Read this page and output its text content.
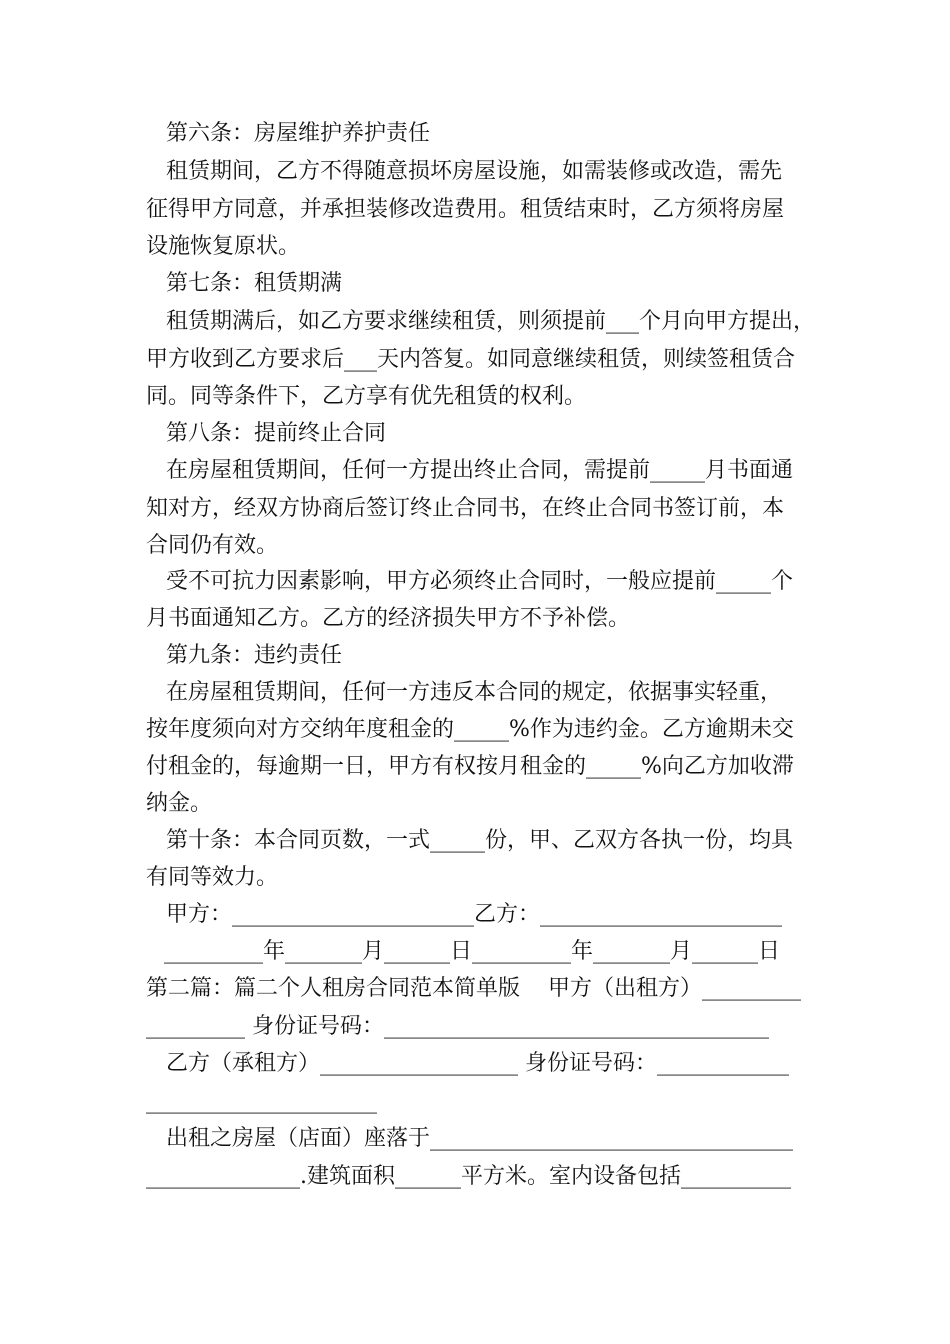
第六条：房屋维护养护责任
租赁期间，乙方不得随意损坏房屋设施，如需装修或改造，需先
征得甲方同意，并承担装修改造费用。租赁结束时，乙方须将房屋
设施恢复原状。
第七条：租赁期满
租赁期满后，如乙方要求继续租赁，则须提前___个月向甲方提出，
甲方收到乙方要求后___天内答复。如同意继续租赁，则续签租赁合
同。同等条件下，乙方享有优先租赁的权利。
第八条：提前终止合同
在房屋租赁期间，任何一方提出终止合同，需提前_____月书面通
知对方，经双方协商后签订终止合同书，在终止合同书签订前，本
合同仍有效。
受不可抗力因素影响，甲方必须终止合同时，一般应提前_____个
月书面通知乙方。乙方的经济损失甲方不予补偿。
第九条：违约责任
在房屋租赁期间，任何一方违反本合同的规定，依据事实轻重，
按年度须向对方交纳年度租金的_____%作为违约金。乙方逾期未交
付租金的，每逾期一日，甲方有权按月租金的_____%向乙方加收滞
纳金。
第十条：本合同页数，一式_____份，甲、乙双方各执一份，均具
有同等效力。
甲方：______________________乙方：______________________
_________年_______月______日_________年_______月______日
第二篇：篇二个人租房合同范本简单版    甲方（出租方）_________
_________ 身份证号码：___________________________________
乙方（承租方）__________________ 身份证号码：____________
_____________________
出租之房屋（店面）座落于_________________________________
______________.建筑面积______平方米。室内设备包括__________
